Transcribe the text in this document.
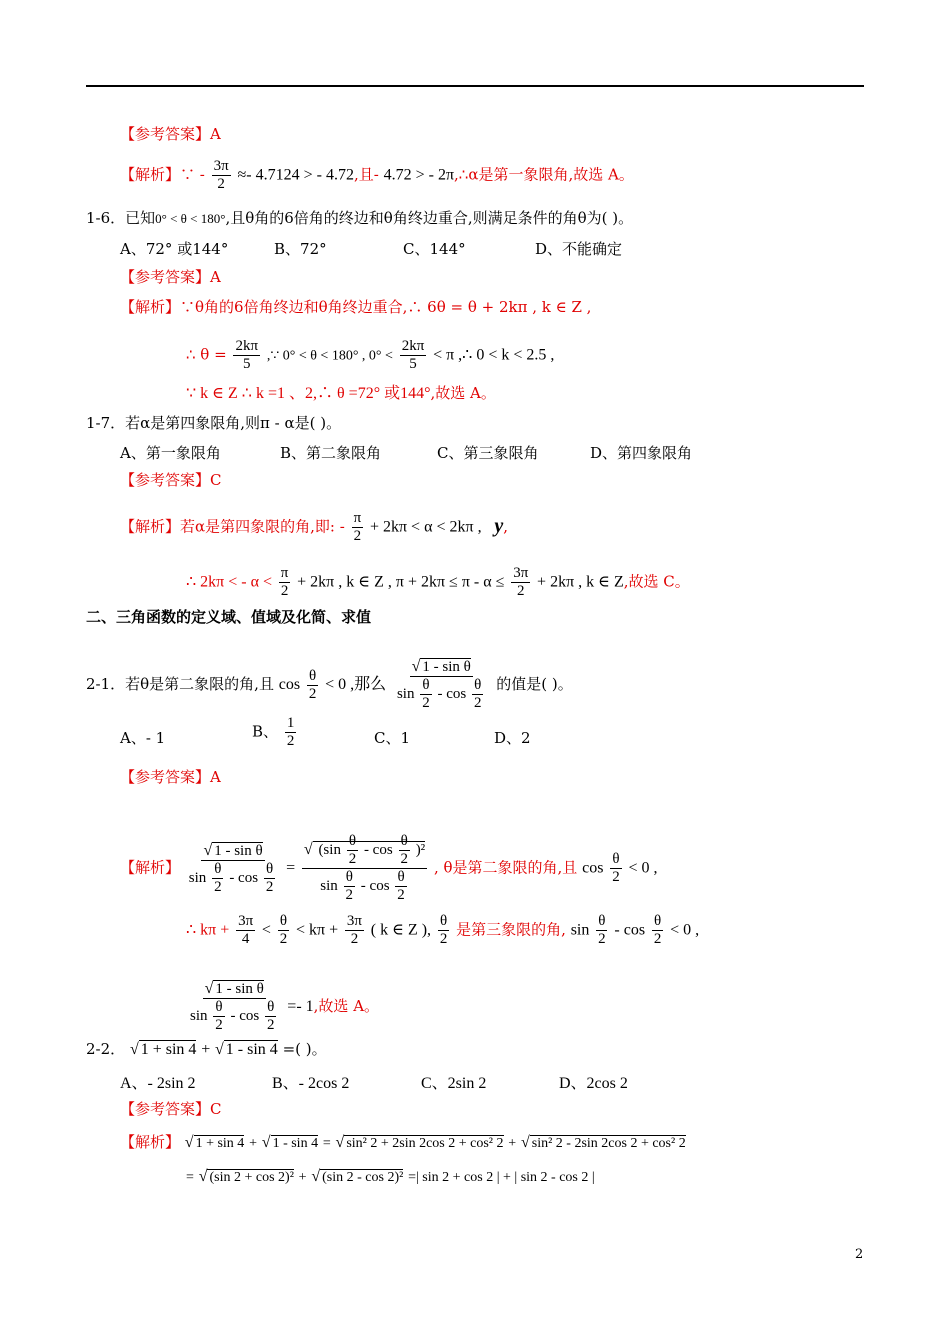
【参考答案】A
【解析】∵ - $\frac{3\pi}{2} \approx- 4.7124$ > - 4.72,且- 4.72 > - 2π,∴α是第一象限角,故选 A。
1-6．已知0° < θ < 180°,且θ角的6倍角的终边和θ角终边重合,则满足条件的角θ为( )。
A、72° 或144°	B、72°	C、144°	D、不能确定
【参考答案】A
【解析】∵θ角的6倍角终边和θ角终边重合,∴ 6θ = θ + 2kπ , k ∈ Z ,
∴ $\theta = \frac{2k\pi}{5}$ ,∵ 0° < θ < 180° , $0^\circ < \frac{2k\pi}{5} < \pi$ ,∴ 0 < k < 2.5 ,
∵ k ∈ Z ∴ k =1 、2,∴ θ =72° 或144°,故选 A。
1-7．若α是第四象限角,则π - α是( )。
A、第一象限角	B、第二象限角	C、第三象限角	D、第四象限角
【参考答案】C
【解析】若α是第四象限的角,即: - $\frac{\pi}{2} + 2k\pi < \alpha < 2k\pi$ , y,
∴ 2kπ < - $\alpha < \frac{\pi}{2} + 2k\pi$ , k ∈ Z , $\pi + 2k\pi \le \pi - \alpha \le \frac{3\pi}{2} + 2k\pi$ , k ∈ Z,故选 C。
二、三角函数的定义域、值域及化简、求值
2-1．若θ是第二象限的角,且 $\cos \frac{\theta}{2} < 0$ ,那么 $\frac{\text{√ 1 - sin θ}}{\sin \frac{\theta}{2} - \cos \frac{\theta}{2}}$ 的值是( )。
A、- 1	B、 $\frac{1}{2}$	C、1	D、2
【参考答案】A
【解析】 $\frac{\text{√ 1 - sin θ}}{\sin \frac{\theta}{2} - \cos \frac{\theta}{2}} = \frac{√ (\sin \frac{\theta}{2} - \cos \frac{\theta}{2} )^2}{\sin \frac{\theta}{2} - \cos \frac{\theta}{2}}$ , θ是第二象限的角,且 $\cos \frac{\theta}{2} < 0$ ,
∴ $k\pi + \frac{3\pi}{4} < \frac{\theta}{2} < k\pi + \frac{3\pi}{2}$ ( k ∈ Z ), $\frac{\theta}{2}$ 是第三象限的角, $\sin \frac{\theta}{2} - \cos \frac{\theta}{2} < 0$ ,
$\frac{\text{√ 1 - sin θ}}{\sin \frac{\theta}{2} - \cos \frac{\theta}{2}} =- 1$,故选 A。
2-2． √ 1 + sin 4 + √ 1 - sin 4 =( )。
A、- 2sin 2	B、- 2cos 2	C、2sin 2	D、2cos 2
【参考答案】C
【解析】 √ 1 + sin 4 + √ 1 - sin 4 = √ sin² 2 + 2sin 2cos 2 + cos² 2 + √ sin² 2 - 2sin 2cos 2 + cos² 2
= √ (sin 2 + cos 2)² + √ (sin 2 - cos 2)² =| sin 2 + cos 2 | + | sin 2 - cos 2 |
2
